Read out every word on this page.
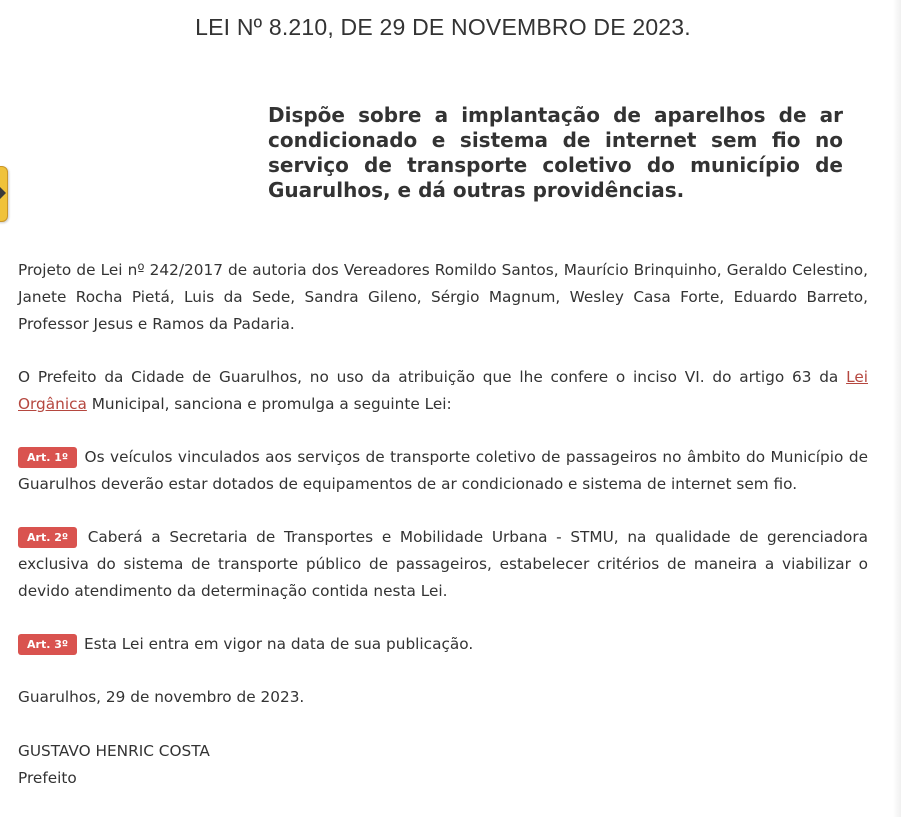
LEI Nº 8.210, DE 29 DE NOVEMBRO DE 2023.

Dispõe sobre a implantação de aparelhos de ar condicionado e sistema de internet sem fio no serviço de transporte coletivo do município de Guarulhos, e dá outras providências.

Projeto de Lei nº 242/2017 de autoria dos Vereadores Romildo Santos, Maurício Brinquinho, Geraldo Celestino, Janete Rocha Pietá, Luis da Sede, Sandra Gileno, Sérgio Magnum, Wesley Casa Forte, Eduardo Barreto, Professor Jesus e Ramos da Padaria.

O Prefeito da Cidade de Guarulhos, no uso da atribuição que lhe confere o inciso VI. do artigo 63 da Lei Orgânica Municipal, sanciona e promulga a seguinte Lei:

Art. 1º Os veículos vinculados aos serviços de transporte coletivo de passageiros no âmbito do Município de Guarulhos deverão estar dotados de equipamentos de ar condicionado e sistema de internet sem fio.

Art. 2º Caberá a Secretaria de Transportes e Mobilidade Urbana - STMU, na qualidade de gerenciadora exclusiva do sistema de transporte público de passageiros, estabelecer critérios de maneira a viabilizar o devido atendimento da determinação contida nesta Lei.

Art. 3º Esta Lei entra em vigor na data de sua publicação.

Guarulhos, 29 de novembro de 2023.

GUSTAVO HENRIC COSTA
Prefeito
